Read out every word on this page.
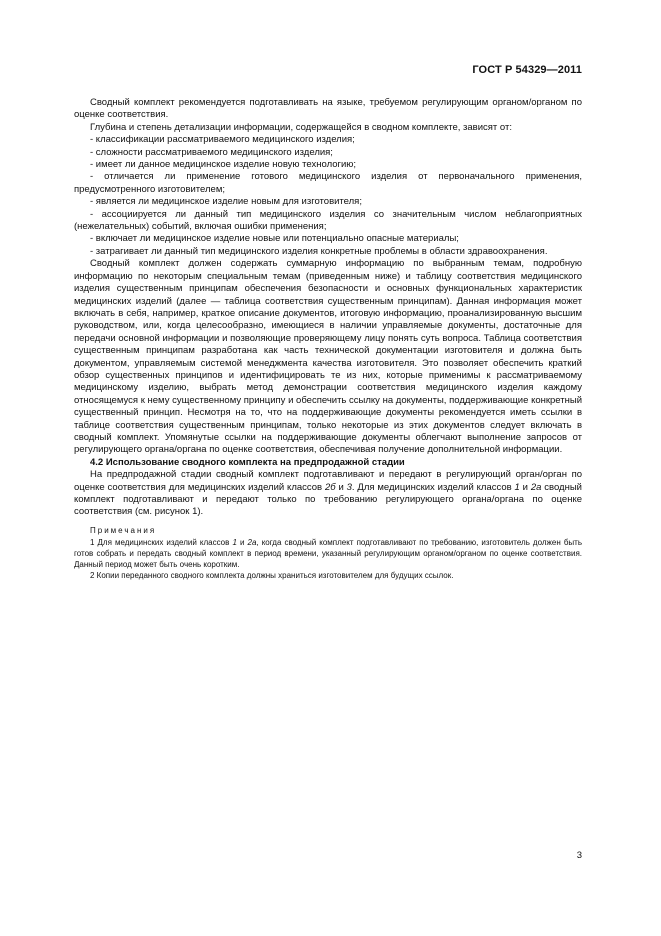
ГОСТ Р 54329—2011

Сводный комплект рекомендуется подготавливать на языке, требуемом регулирующим органом/органом по оценке соответствия.

Глубина и степень детализации информации, содержащейся в сводном комплекте, зависят от:

- классификации рассматриваемого медицинского изделия;

- сложности рассматриваемого медицинского изделия;

- имеет ли данное медицинское изделие новую технологию;

- отличается ли применение готового медицинского изделия от первоначального применения, предусмотренного изготовителем;

- является ли медицинское изделие новым для изготовителя;

- ассоциируется ли данный тип медицинского изделия со значительным числом неблагоприятных (нежелательных) событий, включая ошибки применения;

- включает ли медицинское изделие новые или потенциально опасные материалы;

- затрагивает ли данный тип медицинского изделия конкретные проблемы в области здравоохранения.

Сводный комплект должен содержать суммарную информацию по выбранным темам, подробную информацию по некоторым специальным темам (приведенным ниже) и таблицу соответствия медицинского изделия существенным принципам обеспечения безопасности и основных функциональных характеристик медицинских изделий (далее — таблица соответствия существенным принципам). Данная информация может включать в себя, например, краткое описание документов, итоговую информацию, проанализированную высшим руководством, или, когда целесообразно, имеющиеся в наличии управляемые документы, достаточные для передачи основной информации и позволяющие проверяющему лицу понять суть вопроса. Таблица соответствия существенным принципам разработана как часть технической документации изготовителя и должна быть документом, управляемым системой менеджмента качества изготовителя. Это позволяет обеспечить краткий обзор существенных принципов и идентифицировать те из них, которые применимы к рассматриваемому медицинскому изделию, выбрать метод демонстрации соответствия медицинского изделия каждому относящемуся к нему существенному принципу и обеспечить ссылку на документы, поддерживающие конкретный существенный принцип. Несмотря на то, что на поддерживающие документы рекомендуется иметь ссылки в таблице соответствия существенным принципам, только некоторые из этих документов следует включать в сводный комплект. Упомянутые ссылки на поддерживающие документы облегчают выполнение запросов от регулирующего органа/органа по оценке соответствия, обеспечивая получение дополнительной информации.

4.2 Использование сводного комплекта на предпродажной стадии

На предпродажной стадии сводный комплект подготавливают и передают в регулирующий орган/орган по оценке соответствия для медицинских изделий классов 2б и 3. Для медицинских изделий классов 1 и 2а сводный комплект подготавливают и передают только по требованию регулирующего органа/органа по оценке соответствия (см. рисунок 1).

Примечания

1 Для медицинских изделий классов 1 и 2а, когда сводный комплект подготавливают по требованию, изготовитель должен быть готов собрать и передать сводный комплект в период времени, указанный регулирующим органом/органом по оценке соответствия. Данный период может быть очень коротким.

2 Копии переданного сводного комплекта должны храниться изготовителем для будущих ссылок.

3
